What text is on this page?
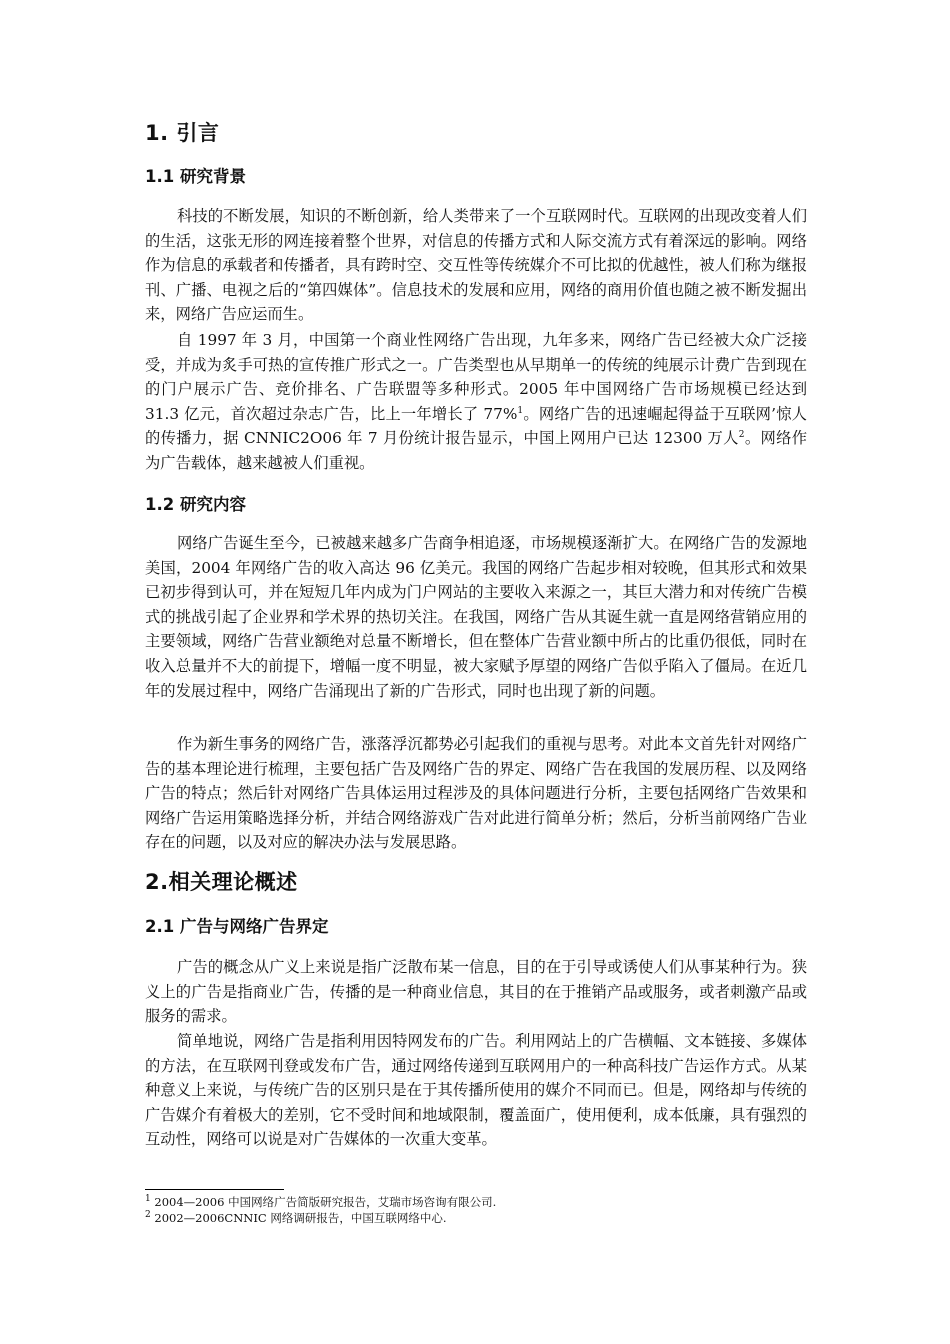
1. 引言
1.1 研究背景

科技的不断发展，知识的不断创新，给人类带来了一个互联网时代。互联网的出现改变着人们的生活，这张无形的网连接着整个世界，对信息的传播方式和人际交流方式有着深远的影响。网络作为信息的承载者和传播者，具有跨时空、交互性等传统媒介不可比拟的优越性，被人们称为继报刊、广播、电视之后的“第四媒体”。信息技术的发展和应用，网络的商用价值也随之被不断发掘出来，网络广告应运而生。

自 1997 年 3 月，中国第一个商业性网络广告出现，九年多来，网络广告已经被大众广泛接受，并成为炙手可热的宣传推广形式之一。广告类型也从早期单一的传统的纯展示计费广告到现在的门户展示广告、竞价排名、广告联盟等多种形式。2005 年中国网络广告市场规模已经达到 31.3 亿元，首次超过杂志广告，比上一年增长了 77%$^1$。网络广告的迅速崛起得益于互联网’惊人的传播力，据 CNNIC2O06 年 7 月份统计报告显示，中国上网用户已达 12300 万人$^2$。网络作为广告载体，越来越被人们重视。

1.2 研究内容

网络广告诞生至今，已被越来越多广告商争相追逐，市场规模逐渐扩大。在网络广告的发源地美国，2004 年网络广告的收入高达 96 亿美元。我国的网络广告起步相对较晚，但其形式和效果已初步得到认可，并在短短几年内成为门户网站的主要收入来源之一，其巨大潜力和对传统广告模式的挑战引起了企业界和学术界的热切关注。在我国，网络广告从其诞生就一直是网络营销应用的主要领域，网络广告营业额绝对总量不断增长，但在整体广告营业额中所占的比重仍很低，同时在收入总量并不大的前提下，增幅一度不明显，被大家赋予厚望的网络广告似乎陷入了僵局。在近几年的发展过程中，网络广告涌现出了新的广告形式，同时也出现了新的问题。

作为新生事务的网络广告，涨落浮沉都势必引起我们的重视与思考。对此本文首先针对网络广告的基本理论进行梳理，主要包括广告及网络广告的界定、网络广告在我国的发展历程、以及网络广告的特点；然后针对网络广告具体运用过程涉及的具体问题进行分析，主要包括网络广告效果和网络广告运用策略选择分析，并结合网络游戏广告对此进行简单分析；然后，分析当前网络广告业存在的问题，以及对应的解决办法与发展思路。

2.相关理论概述
2.1 广告与网络广告界定

广告的概念从广义上来说是指广泛散布某一信息，目的在于引导或诱使人们从事某种行为。狭义上的广告是指商业广告，传播的是一种商业信息，其目的在于推销产品或服务，或者刺激产品或服务的需求。

简单地说，网络广告是指利用因特网发布的广告。利用网站上的广告横幅、文本链接、多媒体的方法，在互联网刊登或发布广告，通过网络传递到互联网用户的一种高科技广告运作方式。从某种意义上来说，与传统广告的区别只是在于其传播所使用的媒介不同而已。但是，网络却与传统的广告媒介有着极大的差别，它不受时间和地域限制，覆盖面广，使用便利，成本低廉，具有强烈的互动性，网络可以说是对广告媒体的一次重大变革。

$^1$ 2004—2006 中国网络广告简版研究报告，艾瑞市场咨询有限公司.

$^2$ 2002—2006CNNIC 网络调研报告，中国互联网络中心.
